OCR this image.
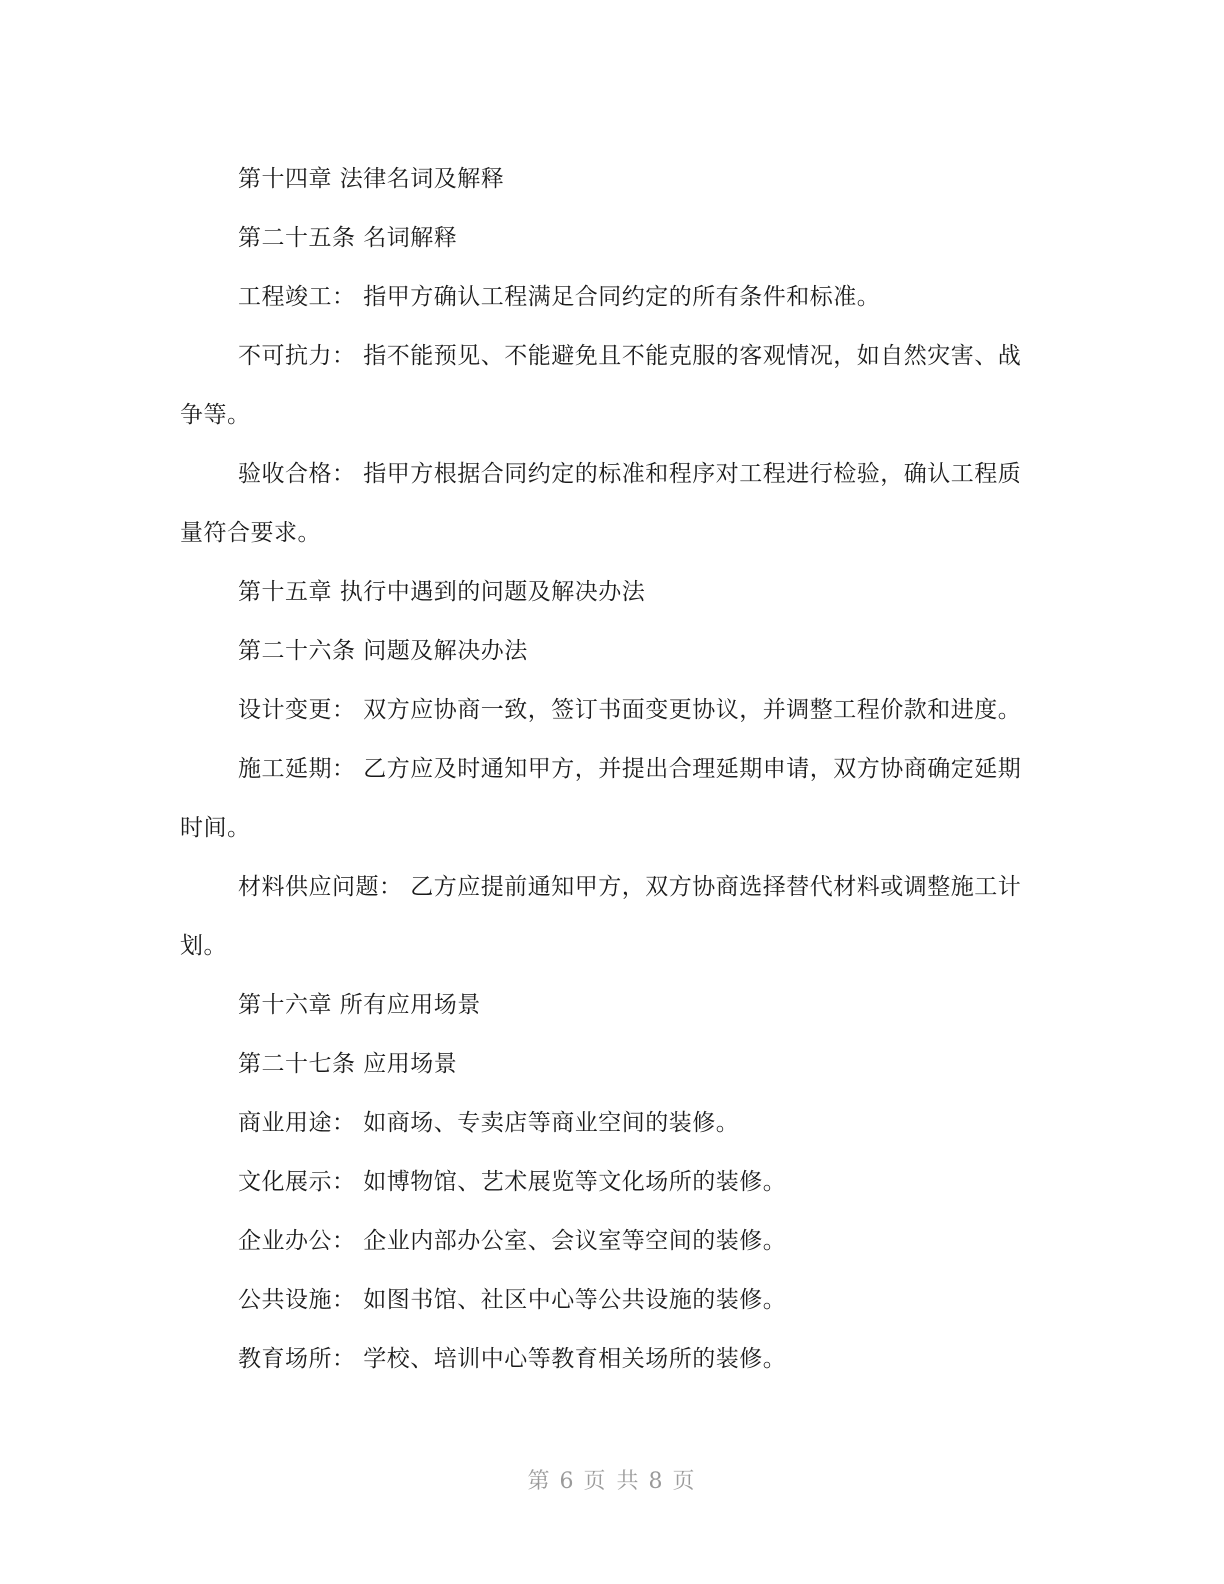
第十四章 法律名词及解释

第二十五条 名词解释

工程竣工： 指甲方确认工程满足合同约定的所有条件和标准。

不可抗力： 指不能预见、不能避免且不能克服的客观情况，如自然灾害、战争等。

验收合格： 指甲方根据合同约定的标准和程序对工程进行检验，确认工程质量符合要求。

第十五章 执行中遇到的问题及解决办法

第二十六条 问题及解决办法

设计变更： 双方应协商一致，签订书面变更协议，并调整工程价款和进度。

施工延期： 乙方应及时通知甲方，并提出合理延期申请，双方协商确定延期时间。

材料供应问题： 乙方应提前通知甲方，双方协商选择替代材料或调整施工计划。

第十六章 所有应用场景

第二十七条 应用场景

商业用途： 如商场、专卖店等商业空间的装修。

文化展示： 如博物馆、艺术展览等文化场所的装修。

企业办公： 企业内部办公室、会议室等空间的装修。

公共设施： 如图书馆、社区中心等公共设施的装修。

教育场所： 学校、培训中心等教育相关场所的装修。

第 6 页 共 8 页
